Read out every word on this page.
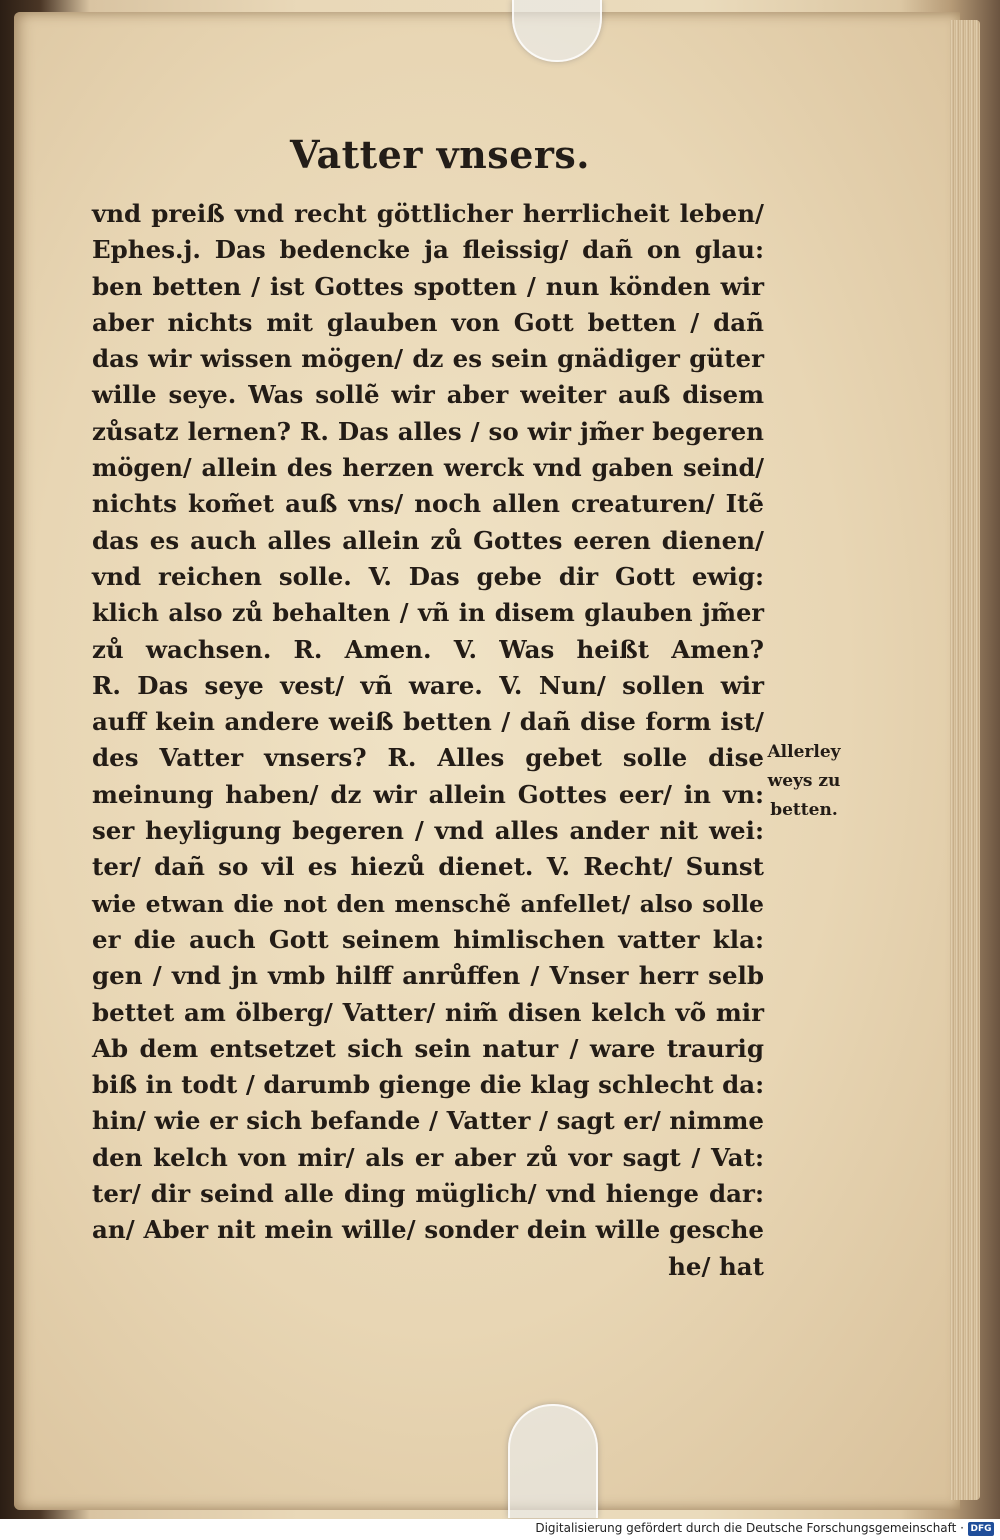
Vatter vnsers.
vnd preiß vnd recht göttlicher herrlicheit leben/
Ephes.j. Das bedencke ja fleissig/ dañ on glau:
ben betten / ist Gottes spotten / nun könden wir
aber nichts mit glauben von Gott betten / dañ
das wir wissen mögen/ dz es sein gnädiger güter
wille seye. Was sollẽ wir aber weiter auß disem
zůsatz lernen? R. Das alles / so wir jm̃er begeren
mögen/ allein des herzen werck vnd gaben seind/
nichts kom̃et auß vns/ noch allen creaturen/ Itẽ
das es auch alles allein zů Gottes eeren dienen/
vnd reichen solle. V. Das gebe dir Gott ewig:
klich also zů behalten / vñ in disem glauben jm̃er
zů wachsen. R. Amen. V. Was heißt Amen?
R. Das seye vest/ vñ ware. V. Nun/ sollen wir
auff kein andere weiß betten / dañ dise form ist/
des Vatter vnsers? R. Alles gebet solle dise
meinung haben/ dz wir allein Gottes eer/ in vn:
ser heyligung begeren / vnd alles ander nit wei:
ter/ dañ so vil es hiezů dienet. V. Recht/ Sunst
wie etwan die not den menschẽ anfellet/ also solle
er die auch Gott seinem himlischen vatter kla:
gen / vnd jn vmb hilff anrůffen / Vnser herr selb
bettet am ölberg/ Vatter/ nim̃ disen kelch võ mir
Ab dem entsetzet sich sein natur / ware traurig
biß in todt / darumb gienge die klag schlecht da:
hin/ wie er sich befande / Vatter / sagt er/ nimme
den kelch von mir/ als er aber zů vor sagt / Vat:
ter/ dir seind alle ding müglich/ vnd hienge dar:
an/ Aber nit mein wille/ sonder dein wille gesche
he/ hat
Allerley
weys zu
betten.
Digitalisierung gefördert durch die Deutsche Forschungsgemeinschaft · DFG
